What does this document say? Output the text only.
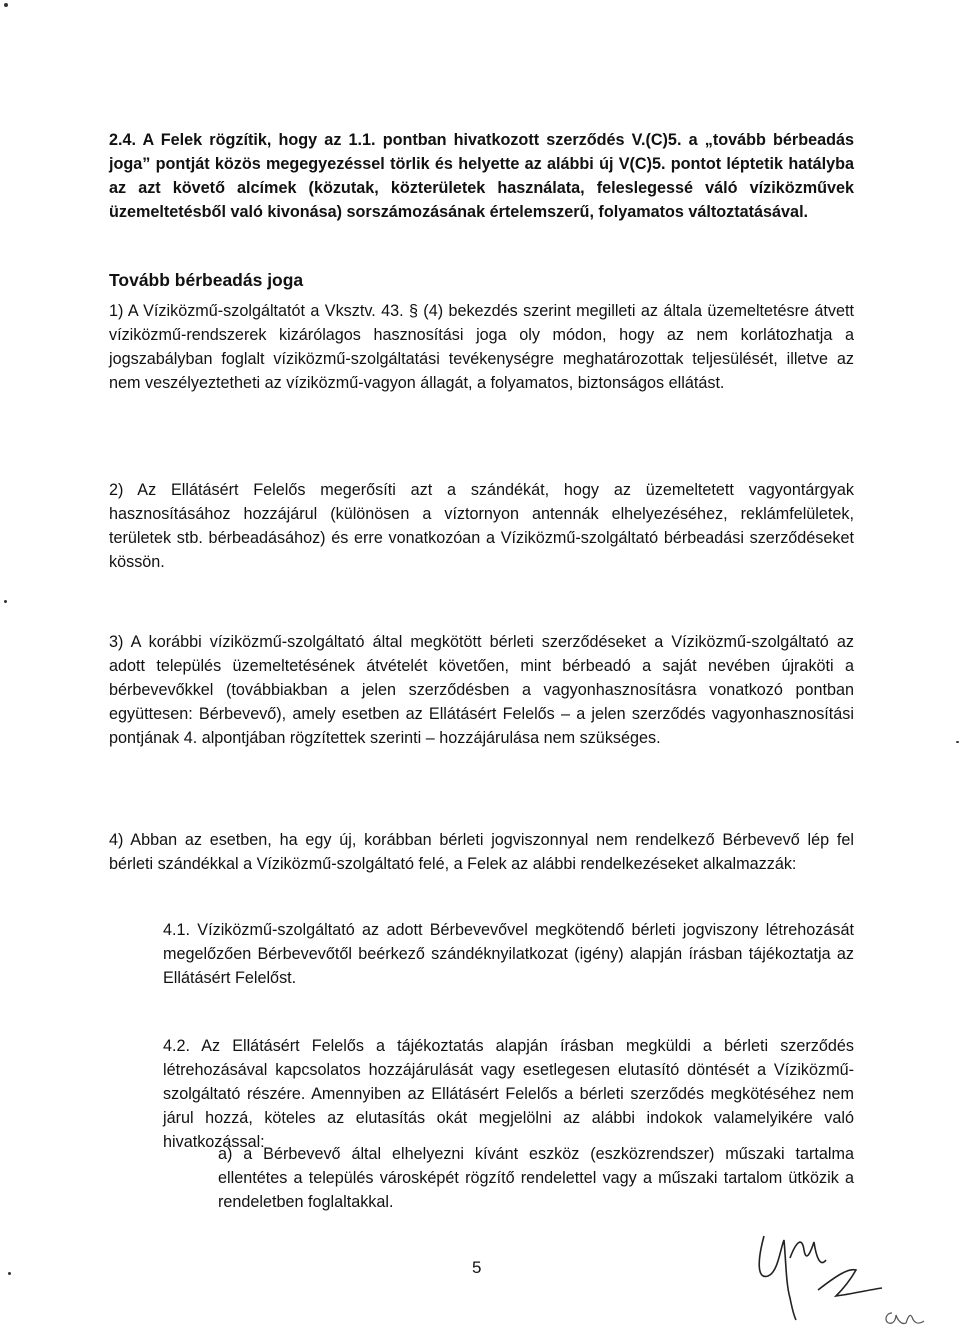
2.4. A Felek rögzítik, hogy az 1.1. pontban hivatkozott szerződés V.(C)5. a „tovább bérbeadás joga” pontját közös megegyezéssel törlik és helyette az alábbi új V(C)5. pontot léptetik hatályba az azt követő alcímek (közutak, közterületek használata, feleslegessé váló víziközművek üzemeltetésből való kivonása) sorszámozásának értelemszerű, folyamatos változtatásával.

Tovább bérbeadás joga

1) A Víziközmű-szolgáltatót a Vksztv. 43. § (4) bekezdés szerint megilleti az általa üzemeltetésre átvett víziközmű-rendszerek kizárólagos hasznosítási joga oly módon, hogy az nem korlátozhatja a jogszabályban foglalt víziközmű-szolgáltatási tevékenységre meghatározottak teljesülését, illetve az nem veszélyeztetheti az víziközmű-vagyon állagát, a folyamatos, biztonságos ellátást.

2) Az Ellátásért Felelős megerősíti azt a szándékát, hogy az üzemeltetett vagyontárgyak hasznosításához hozzájárul (különösen a víztornyon antennák elhelyezéséhez, reklámfelületek, területek stb. bérbeadásához) és erre vonatkozóan a Víziközmű-szolgáltató bérbeadási szerződéseket kössön.

3) A korábbi víziközmű-szolgáltató által megkötött bérleti szerződéseket a Víziközmű-szolgáltató az adott település üzemeltetésének átvételét követően, mint bérbeadó a saját nevében újraköti a bérbevevőkkel (továbbiakban a jelen szerződésben a vagyonhasznosításra vonatkozó pontban együttesen: Bérbevevő), amely esetben az Ellátásért Felelős – a jelen szerződés vagyonhasznosítási pontjának 4. alpontjában rögzítettek szerinti – hozzájárulása nem szükséges.

4) Abban az esetben, ha egy új, korábban bérleti jogviszonnyal nem rendelkező Bérbevevő lép fel bérleti szándékkal a Víziközmű-szolgáltató felé, a Felek az alábbi rendelkezéseket alkalmazzák:

4.1. Víziközmű-szolgáltató az adott Bérbevevővel megkötendő bérleti jogviszony létrehozását megelőzően Bérbevevőtől beérkező szándéknyilatkozat (igény) alapján írásban tájékoztatja az Ellátásért Felelőst.

4.2. Az Ellátásért Felelős a tájékoztatás alapján írásban megküldi a bérleti szerződés létrehozásával kapcsolatos hozzájárulását vagy esetlegesen elutasító döntését a Víziközmű-szolgáltató részére. Amennyiben az Ellátásért Felelős a bérleti szerződés megkötéséhez nem járul hozzá, köteles az elutasítás okát megjelölni az alábbi indokok valamelyikére való hivatkozással:

a) a Bérbevevő által elhelyezni kívánt eszköz (eszközrendszer) műszaki tartalma ellentétes a település városképét rögzítő rendelettel vagy a műszaki tartalom ütközik a rendeletben foglaltakkal.

5
